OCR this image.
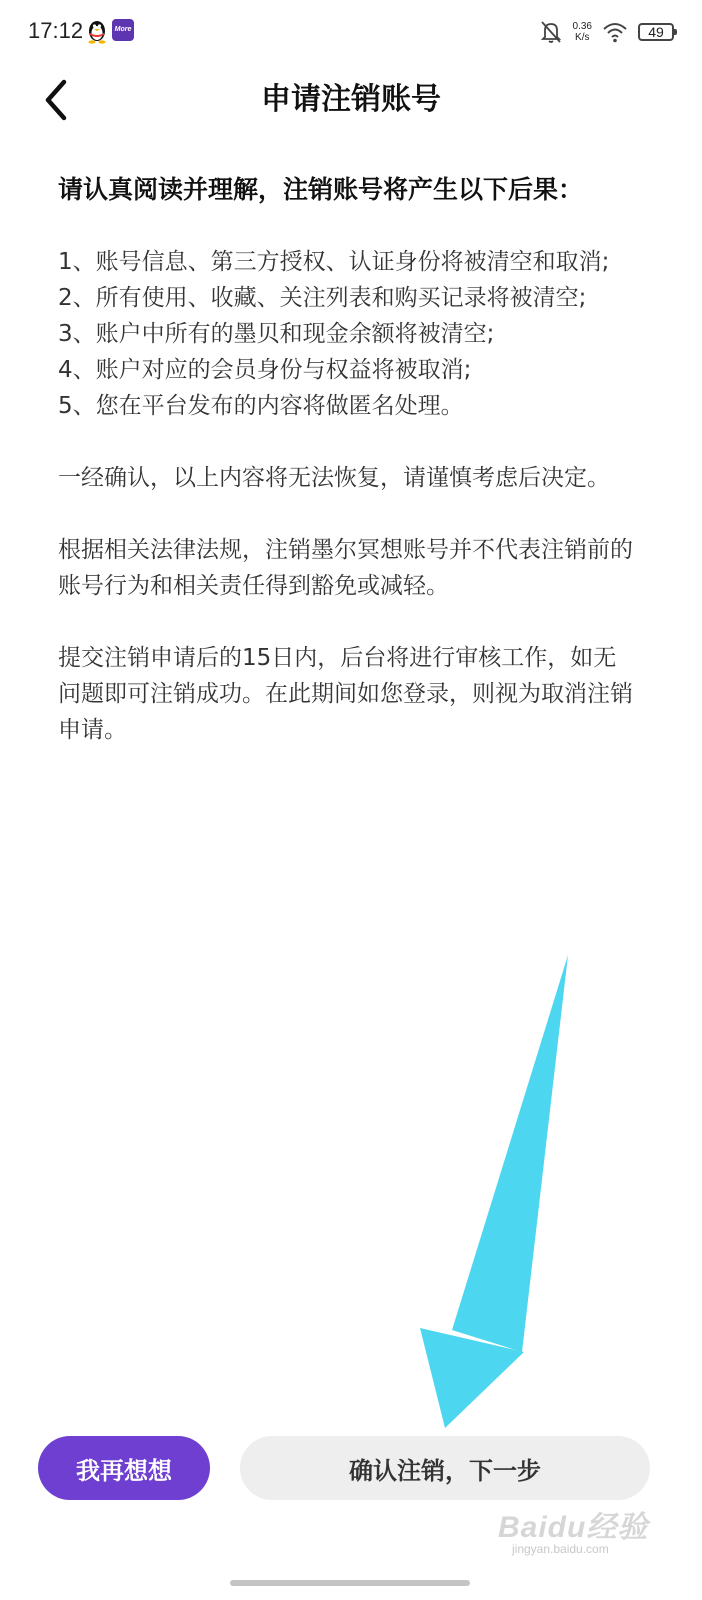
17:12	More	0.36
K/s	49
申请注销账号

请认真阅读并理解，注销账号将产生以下后果：

1、账号信息、第三方授权、认证身份将被清空和取消;
2、所有使用、收藏、关注列表和购买记录将被清空;
3、账户中所有的墨贝和现金余额将被清空;
4、账户对应的会员身份与权益将被取消;
5、您在平台发布的内容将做匿名处理。

一经确认，以上内容将无法恢复，请谨慎考虑后决定。

根据相关法律法规，注销墨尔冥想账号并不代表注销前的账号行为和相关责任得到豁免或减轻。

提交注销申请后的15日内，后台将进行审核工作，如无问题即可注销成功。在此期间如您登录，则视为取消注销申请。

我再想想	确认注销，下一步
Baidu经验
jingyan.baidu.com
